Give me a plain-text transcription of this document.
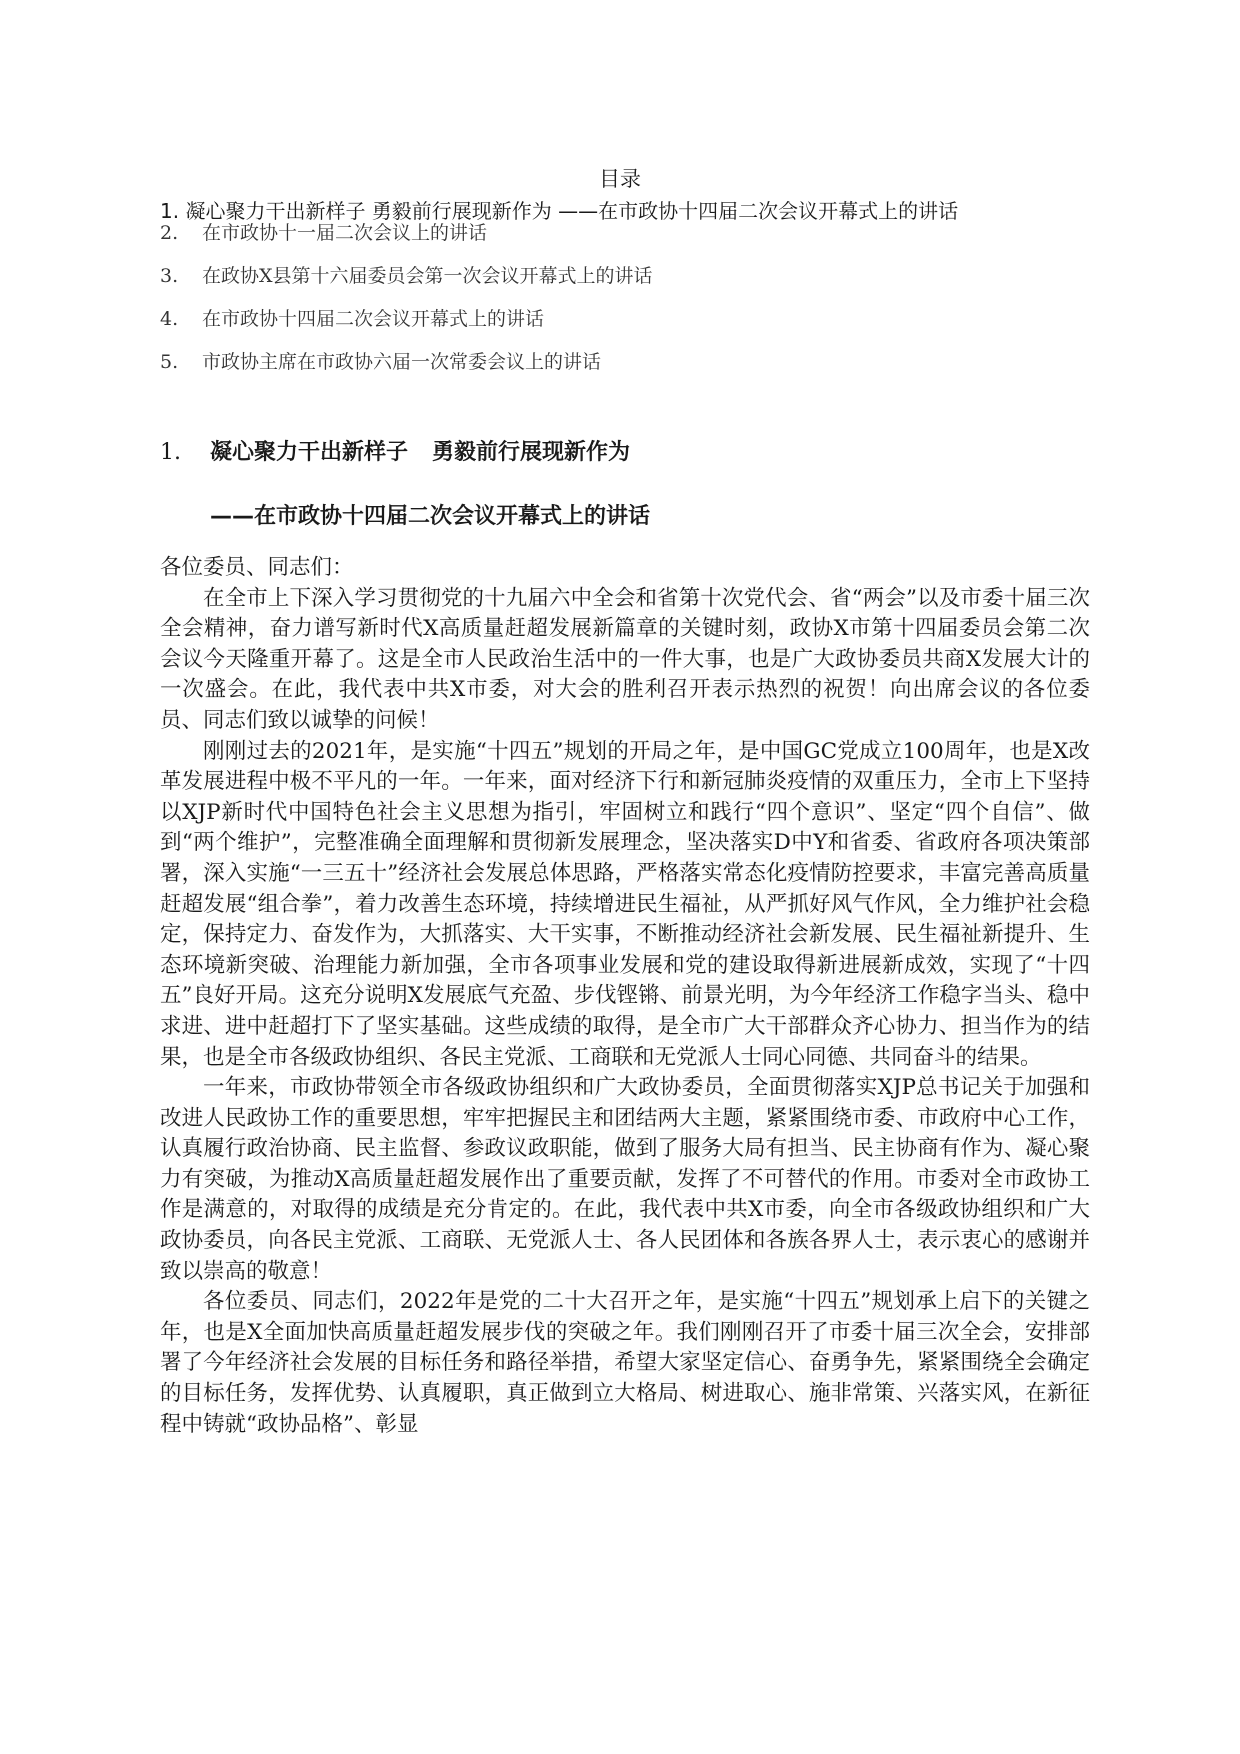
目录
1. 凝心聚力干出新样子 勇毅前行展现新作为 ——在市政协十四届二次会议开幕式上的讲话
2. 在市政协十一届二次会议上的讲话
3. 在政协X县第十六届委员会第一次会议开幕式上的讲话
4. 在市政协十四届二次会议开幕式上的讲话
5. 市政协主席在市政协六届一次常委会议上的讲话
1. 凝心聚力干出新样子 勇毅前行展现新作为
——在市政协十四届二次会议开幕式上的讲话

各位委员、同志们：

在全市上下深入学习贯彻党的十九届六中全会和省第十次党代会、省“两会”以及市委十届三次全会精神，奋力谱写新时代X高质量赶超发展新篇章的关键时刻，政协X市第十四届委员会第二次会议今天隆重开幕了。这是全市人民政治生活中的一件大事，也是广大政协委员共商X发展大计的一次盛会。在此，我代表中共X市委，对大会的胜利召开表示热烈的祝贺！向出席会议的各位委员、同志们致以诚挚的问候！

刚刚过去的2021年，是实施“十四五”规划的开局之年，是中国GC党成立100周年，也是X改革发展进程中极不平凡的一年。一年来，面对经济下行和新冠肺炎疫情的双重压力，全市上下坚持以XJP新时代中国特色社会主义思想为指引，牢固树立和践行“四个意识”、坚定“四个自信”、做到“两个维护”，完整准确全面理解和贯彻新发展理念，坚决落实D中Y和省委、省政府各项决策部署，深入实施“一三五十”经济社会发展总体思路，严格落实常态化疫情防控要求，丰富完善高质量赶超发展“组合拳”，着力改善生态环境，持续增进民生福祉，从严抓好风气作风，全力维护社会稳定，保持定力、奋发作为，大抓落实、大干实事，不断推动经济社会新发展、民生福祉新提升、生态环境新突破、治理能力新加强，全市各项事业发展和党的建设取得新进展新成效，实现了“十四五”良好开局。这充分说明X发展底气充盈、步伐铿锵、前景光明，为今年经济工作稳字当头、稳中求进、进中赶超打下了坚实基础。这些成绩的取得，是全市广大干部群众齐心协力、担当作为的结果，也是全市各级政协组织、各民主党派、工商联和无党派人士同心同德、共同奋斗的结果。

一年来，市政协带领全市各级政协组织和广大政协委员，全面贯彻落实XJP总书记关于加强和改进人民政协工作的重要思想，牢牢把握民主和团结两大主题，紧紧围绕市委、市政府中心工作，认真履行政治协商、民主监督、参政议政职能，做到了服务大局有担当、民主协商有作为、凝心聚力有突破，为推动X高质量赶超发展作出了重要贡献，发挥了不可替代的作用。市委对全市政协工作是满意的，对取得的成绩是充分肯定的。在此，我代表中共X市委，向全市各级政协组织和广大政协委员，向各民主党派、工商联、无党派人士、各人民团体和各族各界人士，表示衷心的感谢并致以崇高的敬意！

各位委员、同志们，2022年是党的二十大召开之年，是实施“十四五”规划承上启下的关键之年，也是X全面加快高质量赶超发展步伐的突破之年。我们刚刚召开了市委十届三次全会，安排部署了今年经济社会发展的目标任务和路径举措，希望大家坚定信心、奋勇争先，紧紧围绕全会确定的目标任务，发挥优势、认真履职，真正做到立大格局、树进取心、施非常策、兴落实风，在新征程中铸就“政协品格”、彰显
